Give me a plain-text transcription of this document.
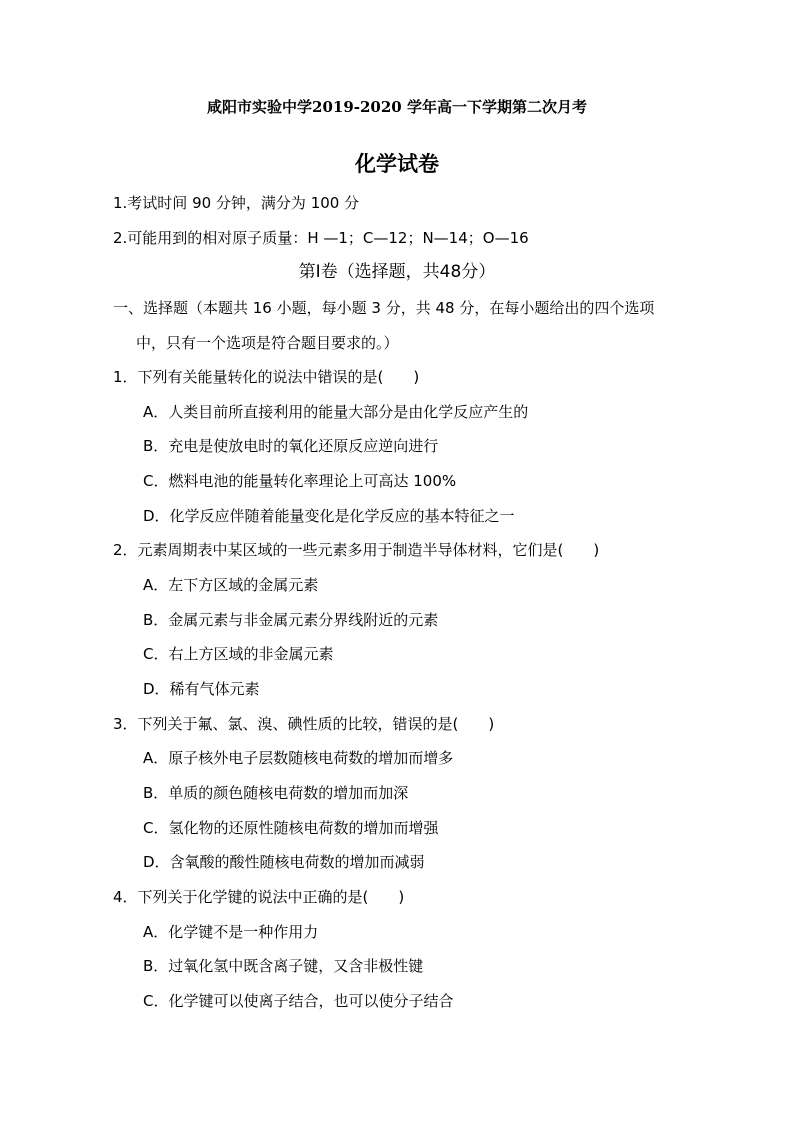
咸阳市实验中学2019-2020 学年高一下学期第二次月考
化学试卷
1.考试时间 90 分钟，满分为 100 分
2.可能用到的相对原子质量：H —1；C—12；N—14；O—16
第Ⅰ卷（选择题，共48分）
一、选择题（本题共 16 小题，每小题 3 分，共 48 分，在每小题给出的四个选项
中，只有一个选项是符合题目要求的。）
1．下列有关能量转化的说法中错误的是(　　)
A．人类目前所直接利用的能量大部分是由化学反应产生的
B．充电是使放电时的氧化还原反应逆向进行
C．燃料电池的能量转化率理论上可高达 100%
D．化学反应伴随着能量变化是化学反应的基本特征之一
2．元素周期表中某区域的一些元素多用于制造半导体材料，它们是(　　)
A．左下方区域的金属元素
B．金属元素与非金属元素分界线附近的元素
C．右上方区域的非金属元素
D．稀有气体元素
3．下列关于氟、氯、溴、碘性质的比较，错误的是(　　)
A．原子核外电子层数随核电荷数的增加而增多
B．单质的颜色随核电荷数的增加而加深
C．氢化物的还原性随核电荷数的增加而增强
D．含氧酸的酸性随核电荷数的增加而减弱
4．下列关于化学键的说法中正确的是(　　)
A．化学键不是一种作用力
B．过氧化氢中既含离子键，又含非极性键
C．化学键可以使离子结合，也可以使分子结合
